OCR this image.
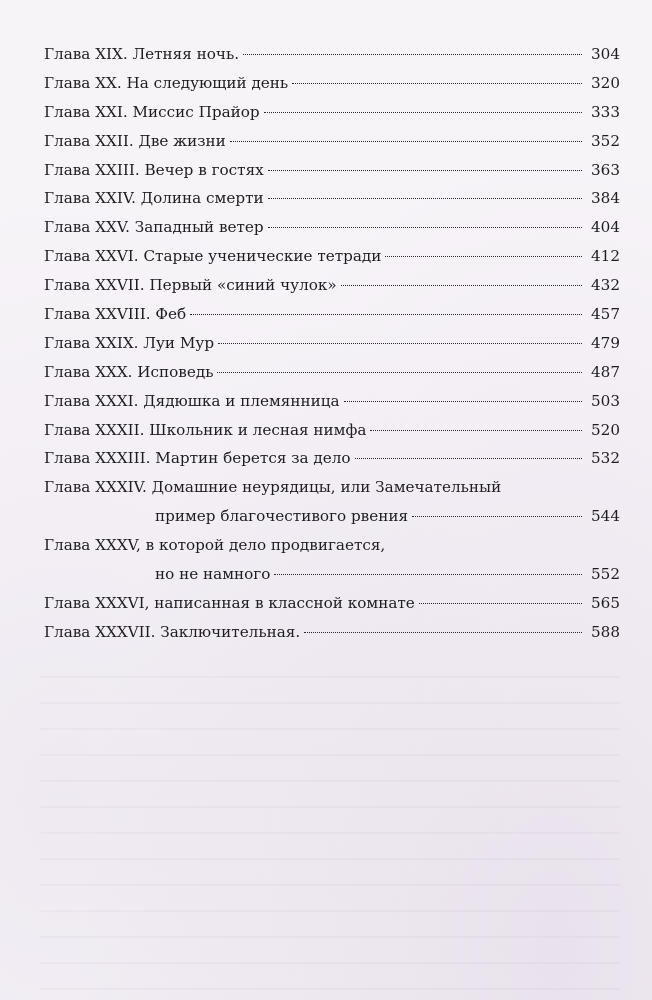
Глава XIX. Летняя ночь.	304
Глава XX. На следующий день	320
Глава XXI. Миссис Прайор	333
Глава XXII. Две жизни	352
Глава XXIII. Вечер в гостях	363
Глава XXIV. Долина смерти	384
Глава XXV. Западный ветер	404
Глава XXVI. Старые ученические тетради	412
Глава XXVII. Первый «синий чулок»	432
Глава XXVIII. Феб	457
Глава XXIX. Луи Мур	479
Глава XXX. Исповедь	487
Глава XXXI. Дядюшка и племянница	503
Глава XXXII. Школьник и лесная нимфа	520
Глава XXXIII. Мартин берется за дело	532
Глава XXXIV. Домашние неурядицы, или Замечательный
пример благочестивого рвения	544
Глава XXXV, в которой дело продвигается,
но не намного	552
Глава XXXVI, написанная в классной комнате	565
Глава XXXVII. Заключительная.	588
